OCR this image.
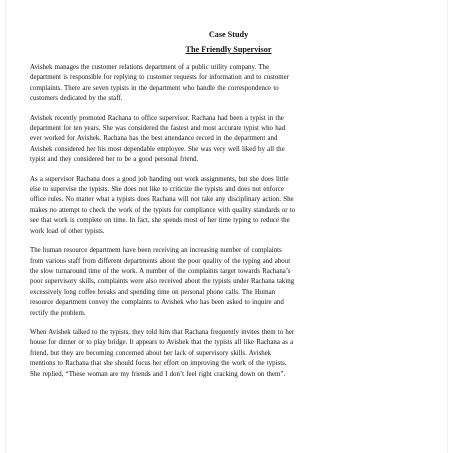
Case Study
The Friendly Supervisor
Avishek manages the customer relations department of a public utility company. The
department is responsible for replying to customer requests for information and to customer
complaints. There are seven typists in the department who handle the correspondence to
customers dedicated by the staff.
Avishek recently promoted Rachana to office supervisor. Rachana had been a typist in the
department for ten years. She was considered the fastest and most accurate typist who had
ever worked for Avishek. Rachana has the best attendance record in the department and
Avishek considered her his most dependable employee. She was very well liked by all the
typist and they considered her to be a good personal friend.
As a supervisor Rachana does a good job handing out work assignments, but she does little
else to supervise the typists. She does not like to criticize the typists and does not enforce
office rules. No matter what a typists does Rachana will not take any disciplinary action. She
makes no attempt to check the work of the typists for compliance with quality standards or to
see that work is complete on time. In fact, she spends most of her time typing to reduce the
work load of other typists.
The human resource department have been receiving an increasing number of complaints
from various staff from different departments about the poor quality of the typing and about
the slow turnaround time of the work. A number of the complaints target towards Rachana’s
poor supervisory skills, complaints were also received about the typists under Rachana taking
excessively long coffee breaks and spending time on personal phone calls. The Human
resource department convey the complaints to Avishek who has been asked to inquire and
rectify the problem.
When Avishek talked to the typists, they told him that Rachana frequently invites them to her
house for dinner or to play bridge. It appears to Avishek that the typists all like Rachana as a
friend, but they are becoming concerned about her lack of supervisory skills. Avishek
mentions to Rachana that she should focus her effort on improving the work of the typists.
She replied, “These woman are my friends and I don’t feel right cracking down on them”.
